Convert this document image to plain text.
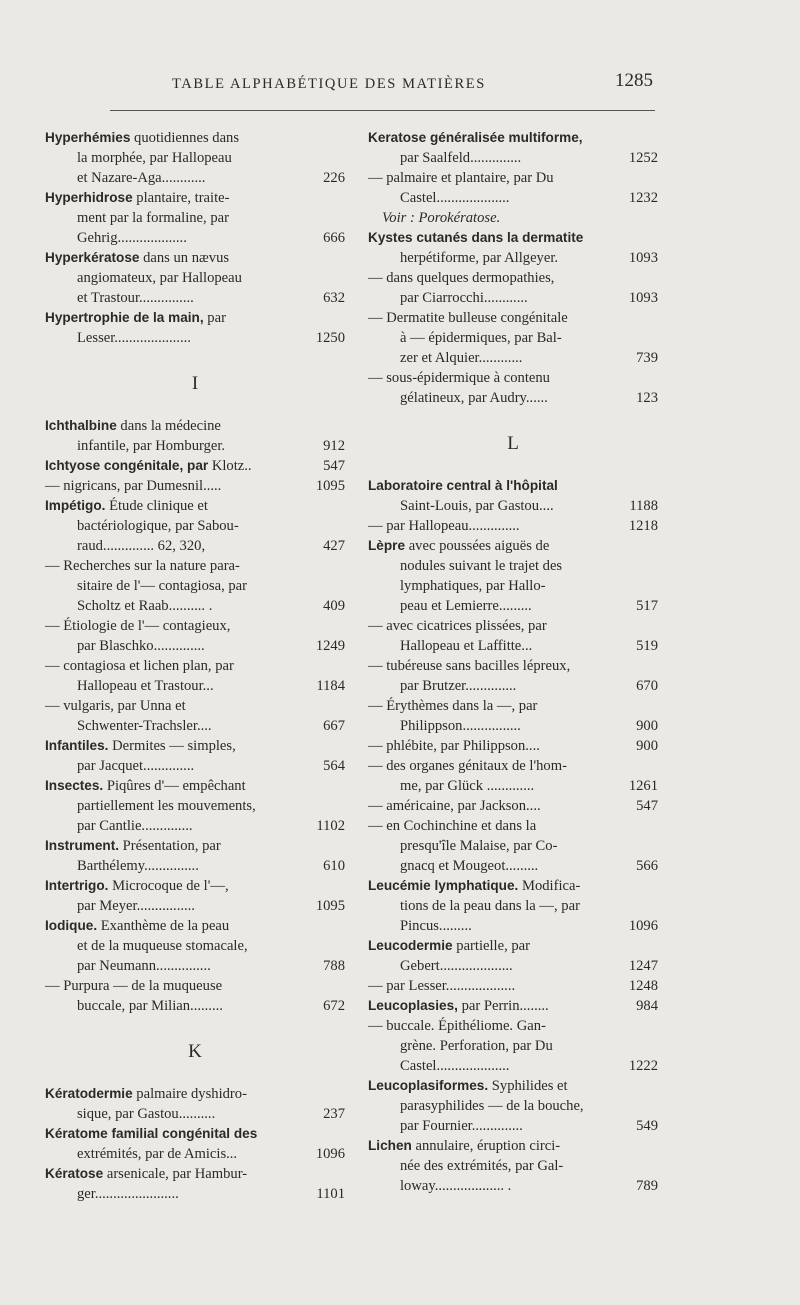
TABLE ALPHABÉTIQUE DES MATIÈRES	1285
Hyperhémies quotidiennes dans
la morphée, par Hallopeau
et Nazare-Aga............	226
Hyperhidrose plantaire, traite-
ment par la formaline, par
Gehrig...................	666
Hyperkératose dans un nævus
angiomateux, par Hallopeau
et Trastour...............	632
Hypertrophie de la main, par
Lesser.....................	1250
I
Ichthalbine dans la médecine
infantile, par Homburger.	912
Ichtyose congénitale, par Klotz..	547
— nigricans, par Dumesnil.....	1095
Impétigo. Étude clinique et
bactériologique, par Sabou-
raud.............. 62, 320,	427
— Recherches sur la nature para-
sitaire de l'— contagiosa, par
Scholtz et Raab.......... .	409
— Étiologie de l'— contagieux,
par Blaschko..............	1249
— contagiosa et lichen plan, par
Hallopeau et Trastour...	1184
— vulgaris, par Unna et
Schwenter-Trachsler....	667
Infantiles. Dermites — simples,
par Jacquet..............	564
Insectes. Piqûres d'— empêchant
partiellement les mouvements,
par Cantlie..............	1102
Instrument. Présentation, par
Barthélemy...............	610
Intertrigo. Microcoque de l'—,
par Meyer................	1095
Iodique. Exanthème de la peau
et de la muqueuse stomacale,
par Neumann...............	788
— Purpura — de la muqueuse
buccale, par Milian.........	672
K
Kératodermie palmaire dyshidro-
sique, par Gastou..........	237
Kératome familial congénital des
extrémités, par de Amicis...	1096
Kératose arsenicale, par Hambur-
ger.......................	1101
Keratose généralisée multiforme,
par Saalfeld..............	1252
— palmaire et plantaire, par Du
Castel....................	1232
Voir : Porokératose.
Kystes cutanés dans la dermatite
herpétiforme, par Allgeyer.	1093
— dans quelques dermopathies,
par Ciarrocchi............	1093
— Dermatite bulleuse congénitale
à — épidermiques, par Bal-
zer et Alquier............	739
— sous-épidermique à contenu
gélatineux, par Audry......	123
L
Laboratoire central à l'hôpital
Saint-Louis, par Gastou....	1188
— par Hallopeau..............	1218
Lèpre avec poussées aiguës de
nodules suivant le trajet des
lymphatiques, par Hallo-
peau et Lemierre.........	517
— avec cicatrices plissées, par
Hallopeau et Laffitte...	519
— tubéreuse sans bacilles lépreux,
par Brutzer..............	670
— Érythèmes dans la —, par
Philippson................	900
— phlébite, par Philippson....	900
— des organes génitaux de l'hom-
me, par Glück .............	1261
— américaine, par Jackson....	547
— en Cochinchine et dans la
presqu'île Malaise, par Co-
gnacq et Mougeot.........	566
Leucémie lymphatique. Modifica-
tions de la peau dans la —, par
Pincus.........	1096
Leucodermie partielle, par
Gebert....................	1247
— par Lesser...................	1248
Leucoplasies, par Perrin........	984
— buccale. Épithéliome. Gan-
grène. Perforation, par Du
Castel....................	1222
Leucoplasiformes. Syphilides et
parasyphilides — de la bouche,
par Fournier..............	549
Lichen annulaire, éruption circi-
née des extrémités, par Gal-
loway................... .	789
